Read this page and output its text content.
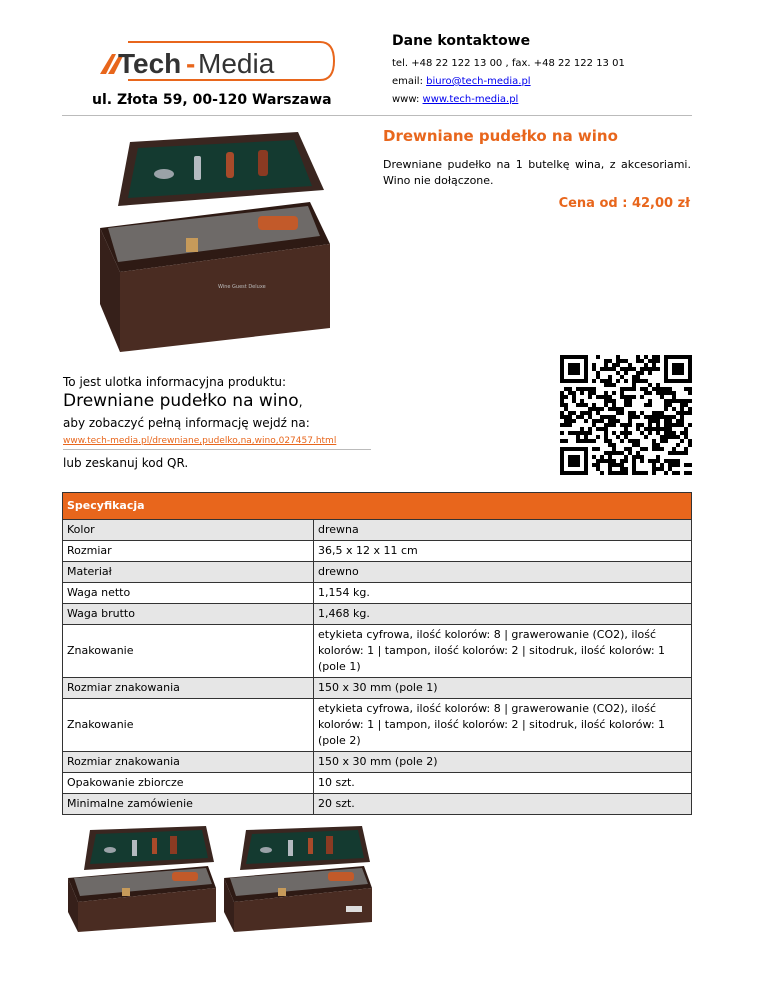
Tech - Media
ul. Złota 59, 00-120 Warszawa
Dane kontaktowe
tel. +48 22 122 13 00 , fax. +48 22 122 13 01
email: biuro@tech-media.pl
www: www.tech-media.pl
Wine Guest Deluxe
Drewniane pudełko na wino
Drewniane pudełko na 1 butelkę wina, z akcesoriami. Wino nie dołączone.
Cena od : 42,00 zł
To jest ulotka informacyjna produktu:
Drewniane pudełko na wino,
aby zobaczyć pełną informację wejdź na:
www.tech-media.pl/drewniane,pudelko,na,wino,027457.html
lub zeskanuj kod QR.
Specyfikacja	
Kolor	drewna
Rozmiar	36,5 x 12 x 11 cm
Materiał	drewno
Waga netto	1,154 kg.
Waga brutto	1,468 kg.
Znakowanie	etykieta cyfrowa, ilość kolorów: 8 | grawerowanie (CO2), ilość kolorów: 1 | tampon, ilość kolorów: 2 | sitodruk, ilość kolorów: 1 (pole 1)
Rozmiar znakowania	150 x 30 mm (pole 1)
Znakowanie	etykieta cyfrowa, ilość kolorów: 8 | grawerowanie (CO2), ilość kolorów: 1 | tampon, ilość kolorów: 2 | sitodruk, ilość kolorów: 1 (pole 2)
Rozmiar znakowania	150 x 30 mm (pole 2)
Opakowanie zbiorcze	10 szt.
Minimalne zamówienie	20 szt.
